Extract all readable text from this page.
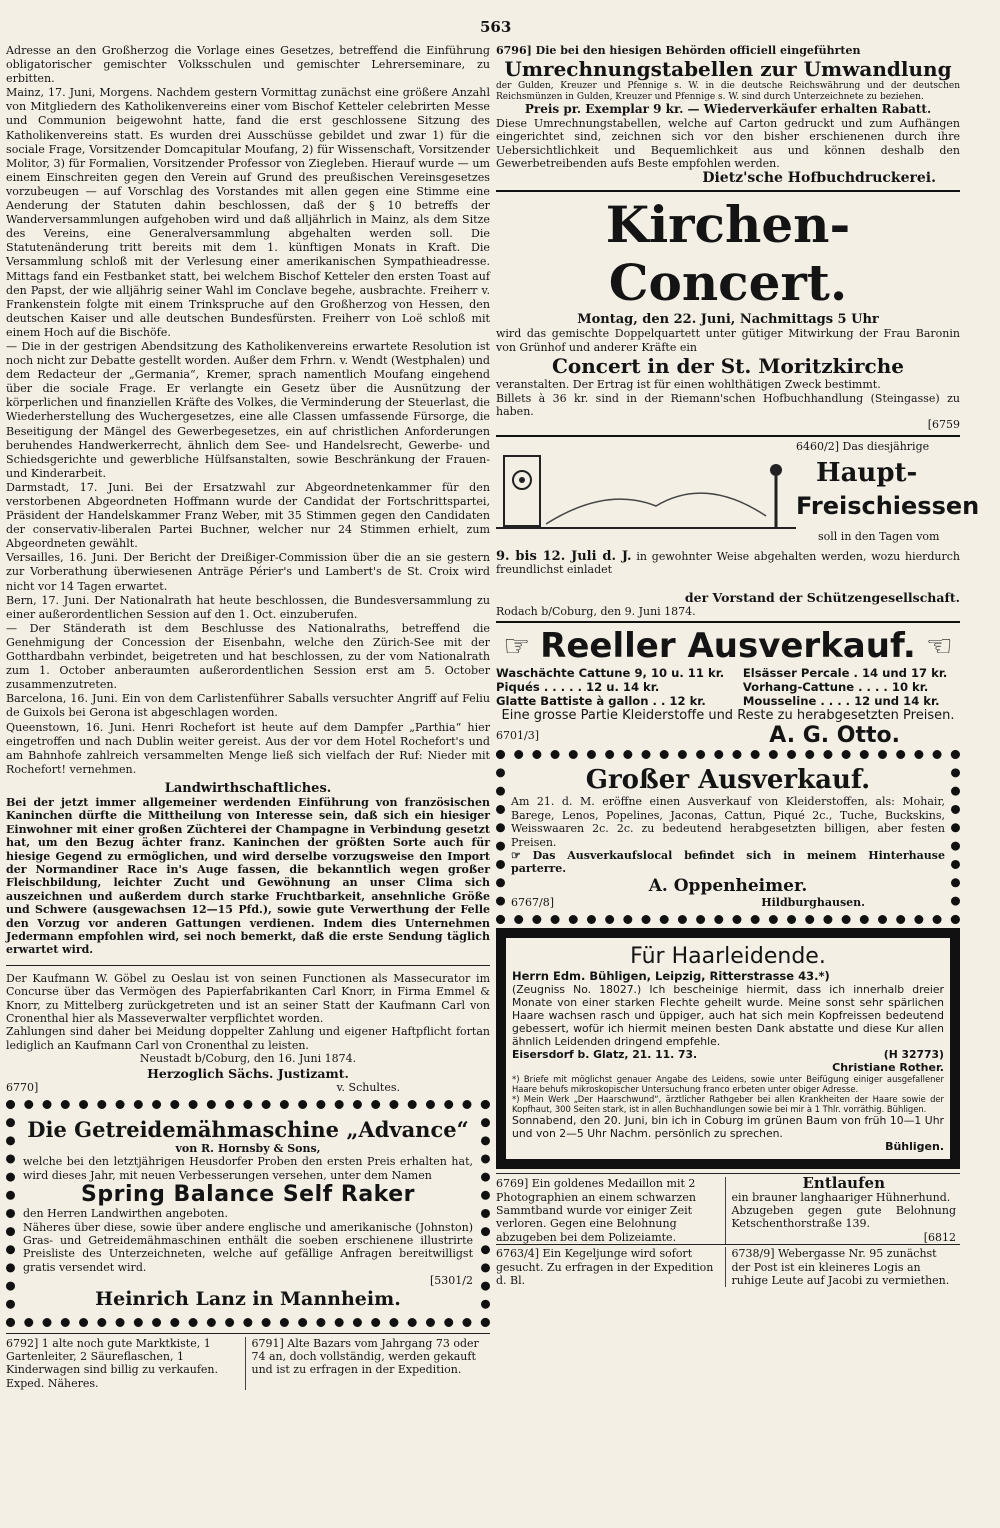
563

Adresse an den Großherzog die Vorlage eines Gesetzes, betreffend die Einführung obligatorischer gemischter Volksschulen und gemischter Lehrerseminare, zu erbitten.

Mainz, 17. Juni, Morgens. Nachdem gestern Vormittag zunächst eine größere Anzahl von Mitgliedern des Katholikenvereins einer vom Bischof Ketteler celebrirten Messe und Communion beigewohnt hatte, fand die erst geschlossene Sitzung des Katholikenvereins statt. Es wurden drei Ausschüsse gebildet und zwar 1) für die sociale Frage, Vorsitzender Domcapitular Moufang, 2) für Wissenschaft, Vorsitzender Molitor, 3) für Formalien, Vorsitzender Professor von Ziegleben. Hierauf wurde — um einem Einschreiten gegen den Verein auf Grund des preußischen Vereinsgesetzes vorzubeugen — auf Vorschlag des Vorstandes mit allen gegen eine Stimme eine Aenderung der Statuten dahin beschlossen, daß der § 10 betreffs der Wanderversammlungen aufgehoben wird und daß alljährlich in Mainz, als dem Sitze des Vereins, eine Generalversammlung abgehalten werden soll. Die Statutenänderung tritt bereits mit dem 1. künftigen Monats in Kraft. Die Versammlung schloß mit der Verlesung einer amerikanischen Sympathieadresse. Mittags fand ein Festbanket statt, bei welchem Bischof Ketteler den ersten Toast auf den Papst, der wie alljährig seiner Wahl im Conclave begehe, ausbrachte. Freiherr v. Frankenstein folgte mit einem Trinkspruche auf den Großherzog von Hessen, den deutschen Kaiser und alle deutschen Bundesfürsten. Freiherr von Loë schloß mit einem Hoch auf die Bischöfe.

— Die in der gestrigen Abendsitzung des Katholikenvereins erwartete Resolution ist noch nicht zur Debatte gestellt worden. Außer dem Frhrn. v. Wendt (Westphalen) und dem Redacteur der „Germania“, Kremer, sprach namentlich Moufang eingehend über die sociale Frage. Er verlangte ein Gesetz über die Ausnützung der körperlichen und finanziellen Kräfte des Volkes, die Verminderung der Steuerlast, die Wiederherstellung des Wuchergesetzes, eine alle Classen umfassende Fürsorge, die Beseitigung der Mängel des Gewerbegesetzes, ein auf christlichen Anforderungen beruhendes Handwerkerrecht, ähnlich dem See- und Handelsrecht, Gewerbe- und Schiedsgerichte und gewerbliche Hülfsanstalten, sowie Beschränkung der Frauen- und Kinderarbeit.

Darmstadt, 17. Juni. Bei der Ersatzwahl zur Abgeordnetenkammer für den verstorbenen Abgeordneten Hoffmann wurde der Candidat der Fortschrittspartei, Präsident der Handelskammer Franz Weber, mit 35 Stimmen gegen den Candidaten der conservativ-liberalen Partei Buchner, welcher nur 24 Stimmen erhielt, zum Abgeordneten gewählt.

Versailles, 16. Juni. Der Bericht der Dreißiger-Commission über die an sie gestern zur Vorberathung überwiesenen Anträge Périer's und Lambert's de St. Croix wird nicht vor 14 Tagen erwartet.

Bern, 17. Juni. Der Nationalrath hat heute beschlossen, die Bundesversammlung zu einer außerordentlichen Session auf den 1. Oct. einzuberufen.

— Der Ständerath ist dem Beschlusse des Nationalraths, betreffend die Genehmigung der Concession der Eisenbahn, welche den Zürich-See mit der Gotthardbahn verbindet, beigetreten und hat beschlossen, zu der vom Nationalrath zum 1. October anberaumten außerordentlichen Session erst am 5. October zusammenzutreten.

Barcelona, 16. Juni. Ein von dem Carlistenführer Saballs versuchter Angriff auf Feliu de Guixols bei Gerona ist abgeschlagen worden.

Queenstown, 16. Juni. Henri Rochefort ist heute auf dem Dampfer „Parthia“ hier eingetroffen und nach Dublin weiter gereist. Aus der vor dem Hotel Rochefort's und am Bahnhofe zahlreich versammelten Menge ließ sich vielfach der Ruf: Nieder mit Rochefort! vernehmen.

Landwirthschaftliches.

Bei der jetzt immer allgemeiner werdenden Einführung von französischen Kaninchen dürfte die Mittheilung von Interesse sein, daß sich ein hiesiger Einwohner mit einer großen Züchterei der Champagne in Verbindung gesetzt hat, um den Bezug ächter franz. Kaninchen der größten Sorte auch für hiesige Gegend zu ermöglichen, und wird derselbe vorzugsweise den Import der Normandiner Race in's Auge fassen, die bekanntlich wegen großer Fleischbildung, leichter Zucht und Gewöhnung an unser Clima sich auszeichnen und außerdem durch starke Fruchtbarkeit, ansehnliche Größe und Schwere (ausgewachsen 12—15 Pfd.), sowie gute Verwerthung der Felle den Vorzug vor anderen Gattungen verdienen. Indem dies Unternehmen Jedermann empfohlen wird, sei noch bemerkt, daß die erste Sendung täglich erwartet wird.

Der Kaufmann W. Göbel zu Oeslau ist von seinen Functionen als Massecurator im Concurse über das Vermögen des Papierfabrikanten Carl Knorr, in Firma Emmel & Knorr, zu Mittelberg zurückgetreten und ist an seiner Statt der Kaufmann Carl von Cronenthal hier als Masseverwalter verpflichtet worden.

Zahlungen sind daher bei Meidung doppelter Zahlung und eigener Haftpflicht fortan lediglich an Kaufmann Carl von Cronenthal zu leisten.

Neustadt b/Coburg, den 16. Juni 1874.
Herzoglich Sächs. Justizamt.
6770]	v. Schultes.
Die Getreidemähmaschine „Advance“
von R. Hornsby & Sons,

welche bei den letztjährigen Heusdorfer Proben den ersten Preis erhalten hat, wird dieses Jahr, mit neuen Verbesserungen versehen, unter dem Namen

Spring Balance Self Raker

den Herren Landwirthen angeboten.

Näheres über diese, sowie über andere englische und amerikanische (Johnston) Gras- und Getreidemähmaschinen enthält die soeben erschienene illustrirte Preisliste des Unterzeichneten, welche auf gefällige Anfragen bereitwilligst gratis versendet wird.

[5301/2
Heinrich Lanz in Mannheim.
6792] 1 alte noch gute Marktkiste, 1 Gartenleiter, 2 Säureflaschen, 1 Kinderwagen sind billig zu verkaufen. Exped. Näheres.
6791] Alte Bazars vom Jahrgang 73 oder 74 an, doch vollständig, werden gekauft und ist zu erfragen in der Expedition.
6796] Die bei den hiesigen Behörden officiell eingeführten
Umrechnungstabellen zur Umwandlung

der Gulden, Kreuzer und Pfennige s. W. in die deutsche Reichswährung und der deutschen Reichsmünzen in Gulden, Kreuzer und Pfennige s. W. sind durch Unterzeichnete zu beziehen.

Preis pr. Exemplar 9 kr. — Wiederverkäufer erhalten Rabatt.

Diese Umrechnungstabellen, welche auf Carton gedruckt und zum Aufhängen eingerichtet sind, zeichnen sich vor den bisher erschienenen durch ihre Uebersichtlichkeit und Bequemlichkeit aus und können deshalb den Gewerbetreibenden aufs Beste empfohlen werden.

Dietz'sche Hofbuchdruckerei.
Kirchen-Concert.
Montag, den 22. Juni, Nachmittags 5 Uhr

wird das gemischte Doppelquartett unter gütiger Mitwirkung der Frau Baronin von Grünhof und anderer Kräfte ein

Concert in der St. Moritzkirche

veranstalten. Der Ertrag ist für einen wohlthätigen Zweck bestimmt.

Billets à 36 kr. sind in der Riemann'schen Hofbuchhandlung (Steingasse) zu haben.

[6759
6460/2] Das diesjährige
Haupt-
Freischiessen
soll in den Tagen vom

9. bis 12. Juli d. J. in gewohnter Weise abgehalten werden, wozu hierdurch freundlichst einladet

der Vorstand der Schützengesellschaft.
Rodach b/Coburg, den 9. Juni 1874.
☞ Reeller Ausverkauf. ☜
Waschächte Cattune 9, 10 u. 11 kr.	Elsässer Percale . 14 und 17 kr.
Piqués . . . . . 12 u. 14 kr.	Vorhang-Cattune . . . . 10 kr.
Glatte Battiste à gallon . . 12 kr.	Mousseline . . . . 12 und 14 kr.
Eine grosse Partie Kleiderstoffe und Reste zu herabgesetzten Preisen.
6701/3]	A. G. Otto.
Großer Ausverkauf.

Am 21. d. M. eröffne einen Ausverkauf von Kleiderstoffen, als: Mohair, Barege, Lenos, Popelines, Jaconas, Cattun, Piqué 2c., Tuche, Buckskins, Weisswaaren 2c. 2c. zu bedeutend herabgesetzten billigen, aber festen Preisen.

☞ Das Ausverkaufslocal befindet sich in meinem Hinterhause parterre.

A. Oppenheimer.
6767/8]	Hildburghausen.
Für Haarleidende.
Herrn Edm. Bühligen, Leipzig, Ritterstrasse 43.*)

(Zeugniss No. 18027.) Ich bescheinige hiermit, dass ich innerhalb dreier Monate von einer starken Flechte geheilt wurde. Meine sonst sehr spärlichen Haare wachsen rasch und üppiger, auch hat sich mein Kopfreissen bedeutend gebessert, wofür ich hiermit meinen besten Dank abstatte und diese Kur allen ähnlich Leidenden dringend empfehle.

Eisersdorf b. Glatz, 21. 11. 73.	(H 32773)
Christiane Rother.

*) Briefe mit möglichst genauer Angabe des Leidens, sowie unter Beifügung einiger ausgefallener Haare behufs mikroskopischer Untersuchung franco erbeten unter obiger Adresse.

*) Mein Werk „Der Haarschwund“, ärztlicher Rathgeber bei allen Krankheiten der Haare sowie der Kopfhaut, 300 Seiten stark, ist in allen Buchhandlungen sowie bei mir à 1 Thlr. vorräthig. Bühligen.

Sonnabend, den 20. Juni, bin ich in Coburg im grünen Baum von früh 10—1 Uhr und von 2—5 Uhr Nachm. persönlich zu sprechen.

Bühligen.
6769] Ein goldenes Medaillon mit 2 Photographien an einem schwarzen Sammtband wurde vor einiger Zeit verloren. Gegen eine Belohnung abzugeben bei dem Polizeiamte.
Entlaufen

ein brauner langhaariger Hühnerhund.

Abzugeben gegen gute Belohnung Ketschenthorstraße 139.

[6812
6763/4] Ein Kegeljunge wird sofort gesucht. Zu erfragen in der Expedition d. Bl.
6738/9] Webergasse Nr. 95 zunächst der Post ist ein kleineres Logis an ruhige Leute auf Jacobi zu vermiethen.
